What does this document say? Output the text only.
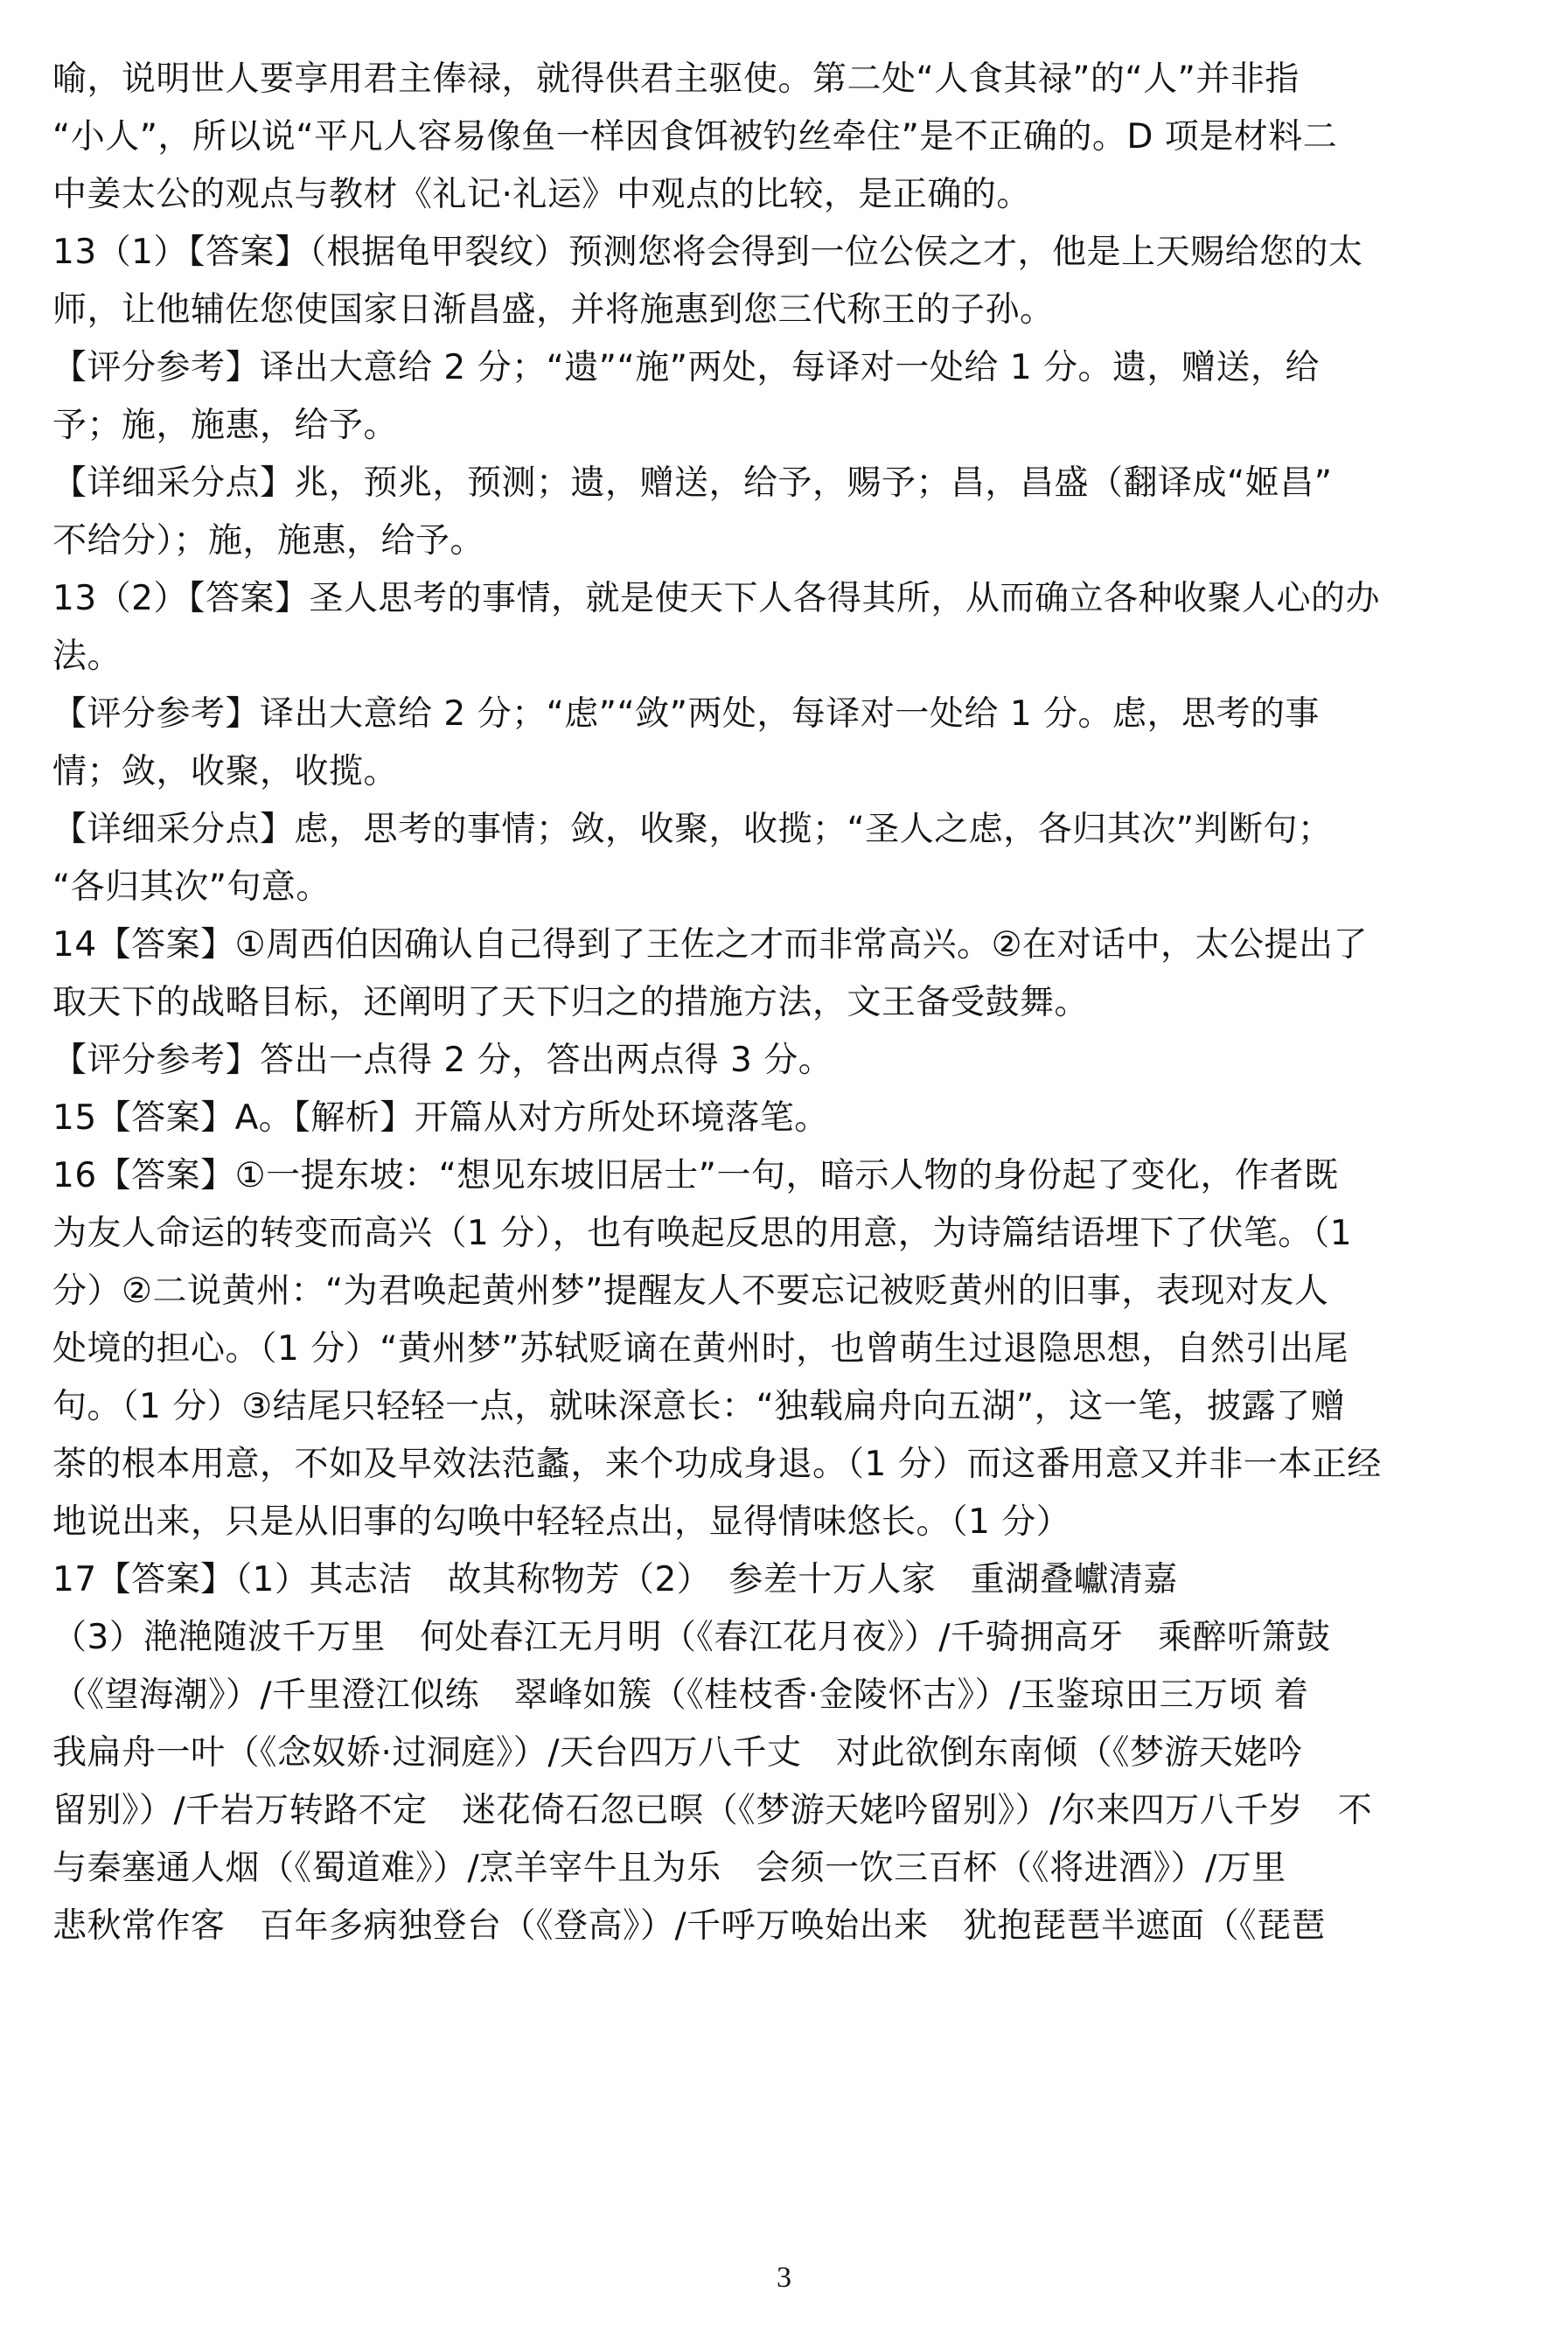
喻，说明世人要享用君主俸禄，就得供君主驱使。第二处“人食其禄”的“人”并非指
“小人”，所以说“平凡人容易像鱼一样因食饵被钓丝牵住”是不正确的。D 项是材料二
中姜太公的观点与教材《礼记·礼运》中观点的比较，是正确的。
13（1）【答案】（根据龟甲裂纹）预测您将会得到一位公侯之才，他是上天赐给您的太
师，让他辅佐您使国家日渐昌盛，并将施惠到您三代称王的子孙。
【评分参考】译出大意给 2 分；“遗”“施”两处，每译对一处给 1 分。遗，赠送，给
予；施，施惠，给予。
【详细采分点】兆，预兆，预测；遗，赠送，给予，赐予；昌，昌盛（翻译成“姬昌”
不给分）；施，施惠，给予。
13（2）【答案】圣人思考的事情，就是使天下人各得其所，从而确立各种收聚人心的办
法。
【评分参考】译出大意给 2 分；“虑”“敛”两处，每译对一处给 1 分。虑，思考的事
情；敛，收聚，收揽。
【详细采分点】虑，思考的事情；敛，收聚，收揽；“圣人之虑，各归其次”判断句；
“各归其次”句意。
14【答案】①周西伯因确认自己得到了王佐之才而非常高兴。②在对话中，太公提出了
取天下的战略目标，还阐明了天下归之的措施方法，文王备受鼓舞。
【评分参考】答出一点得 2 分，答出两点得 3 分。
15【答案】A。【解析】开篇从对方所处环境落笔。
16【答案】①一提东坡：“想见东坡旧居士”一句，暗示人物的身份起了变化，作者既
为友人命运的转变而高兴（1 分），也有唤起反思的用意，为诗篇结语埋下了伏笔。（1
分）②二说黄州：“为君唤起黄州梦”提醒友人不要忘记被贬黄州的旧事，表现对友人
处境的担心。（1 分）“黄州梦”苏轼贬谪在黄州时，也曾萌生过退隐思想，自然引出尾
句。（1 分）③结尾只轻轻一点，就味深意长：“独载扁舟向五湖”，这一笔，披露了赠
茶的根本用意，不如及早效法范蠡，来个功成身退。（1 分）而这番用意又并非一本正经
地说出来，只是从旧事的勾唤中轻轻点出，显得情味悠长。（1 分）
17【答案】（1）其志洁　故其称物芳（2）　参差十万人家　重湖叠巘清嘉
（3）滟滟随波千万里　何处春江无月明（《春江花月夜》）/千骑拥高牙　乘醉听箫鼓
（《望海潮》）/千里澄江似练　翠峰如簇（《桂枝香·金陵怀古》）/玉鉴琼田三万顷 着
我扁舟一叶（《念奴娇·过洞庭》）/天台四万八千丈　对此欲倒东南倾（《梦游天姥吟
留别》）/千岩万转路不定　迷花倚石忽已暝（《梦游天姥吟留别》）/尔来四万八千岁　不
与秦塞通人烟（《蜀道难》）/烹羊宰牛且为乐　会须一饮三百杯（《将进酒》）/万里
悲秋常作客　百年多病独登台（《登高》）/千呼万唤始出来　犹抱琵琶半遮面（《琵琶
3
